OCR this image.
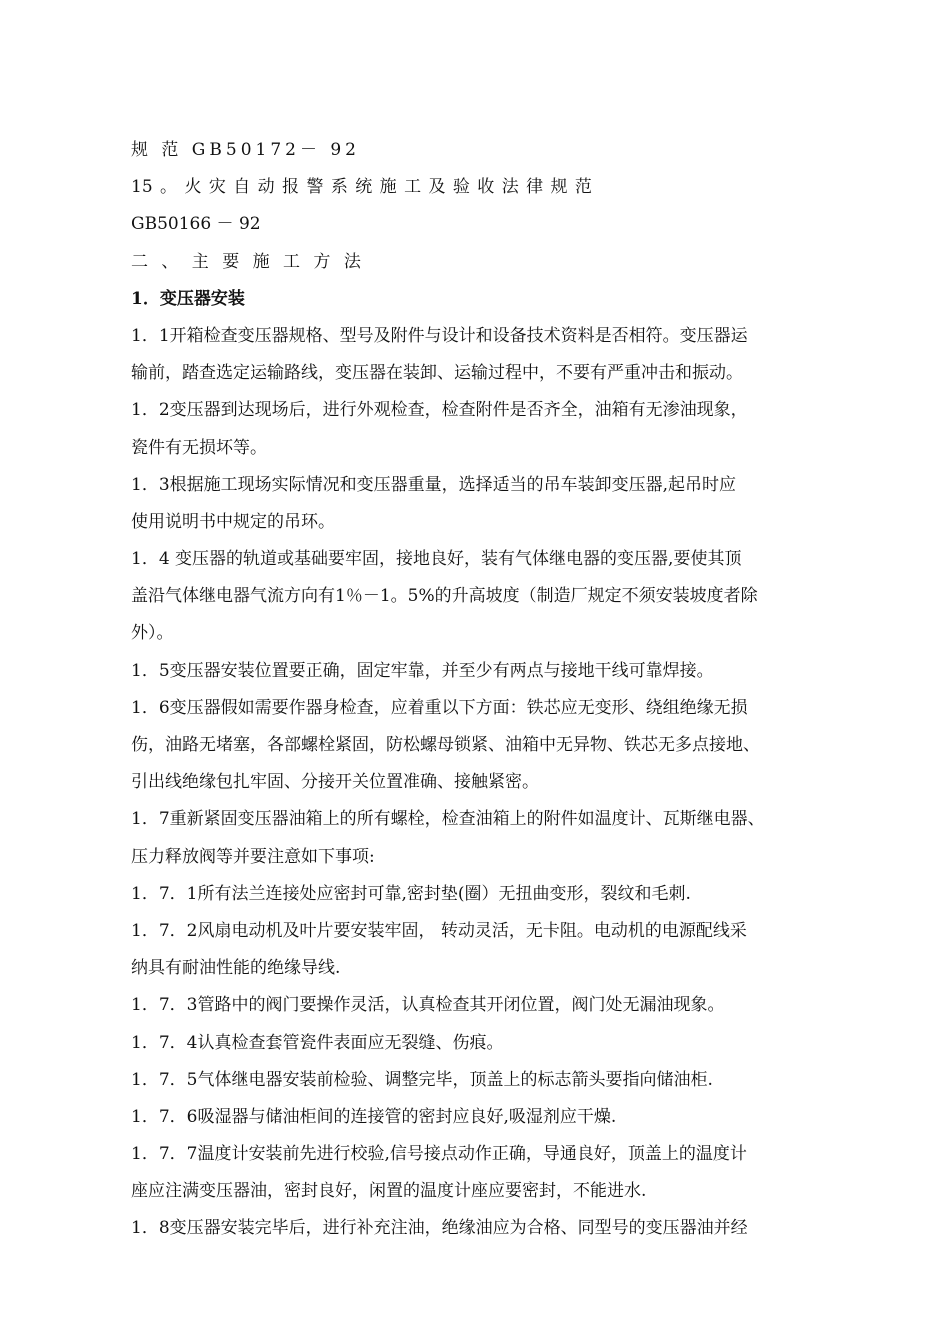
规 范 GB50172－ 92
15 。 火 灾 自 动 报 警 系 统 施 工 及 验 收 法 律 规 范
GB50166 － 92
二 、 主 要 施 工 方 法
1．变压器安装
1．1开箱检查变压器规格、型号及附件与设计和设备技术资料是否相符。变压器运
输前，踏查选定运输路线，变压器在装卸、运输过程中，不要有严重冲击和振动。
1．2变压器到达现场后，进行外观检查，检查附件是否齐全，油箱有无渗油现象，
瓷件有无损坏等。
1．3根据施工现场实际情况和变压器重量，选择适当的吊车装卸变压器,起吊时应
使用说明书中规定的吊环。
1．4 变压器的轨道或基础要牢固，接地良好，装有气体继电器的变压器,要使其顶
盖沿气体继电器气流方向有1％－1。5%的升高坡度（制造厂规定不须安装坡度者除
外）。
1．5变压器安装位置要正确，固定牢靠，并至少有两点与接地干线可靠焊接。
1．6变压器假如需要作器身检查，应着重以下方面：铁芯应无变形、绕组绝缘无损
伤，油路无堵塞，各部螺栓紧固，防松螺母锁紧、油箱中无异物、铁芯无多点接地、
引出线绝缘包扎牢固、分接开关位置准确、接触紧密。
1．7重新紧固变压器油箱上的所有螺栓，检查油箱上的附件如温度计、瓦斯继电器、
压力释放阀等并要注意如下事项:
1．7．1所有法兰连接处应密封可靠,密封垫(圈）无扭曲变形，裂纹和毛刺.
1．7．2风扇电动机及叶片要安装牢固， 转动灵活，无卡阻。电动机的电源配线采
纳具有耐油性能的绝缘导线.
1．7．3管路中的阀门要操作灵活，认真检查其开闭位置，阀门处无漏油现象。
1．7．4认真检查套管瓷件表面应无裂缝、伤痕。
1．7．5气体继电器安装前检验、调整完毕，顶盖上的标志箭头要指向储油柜.
1．7．6吸湿器与储油柜间的连接管的密封应良好,吸湿剂应干燥.
1．7．7温度计安装前先进行校验,信号接点动作正确，导通良好，顶盖上的温度计
座应注满变压器油，密封良好，闲置的温度计座应要密封，不能进水.
1．8变压器安装完毕后，进行补充注油，绝缘油应为合格、同型号的变压器油并经
